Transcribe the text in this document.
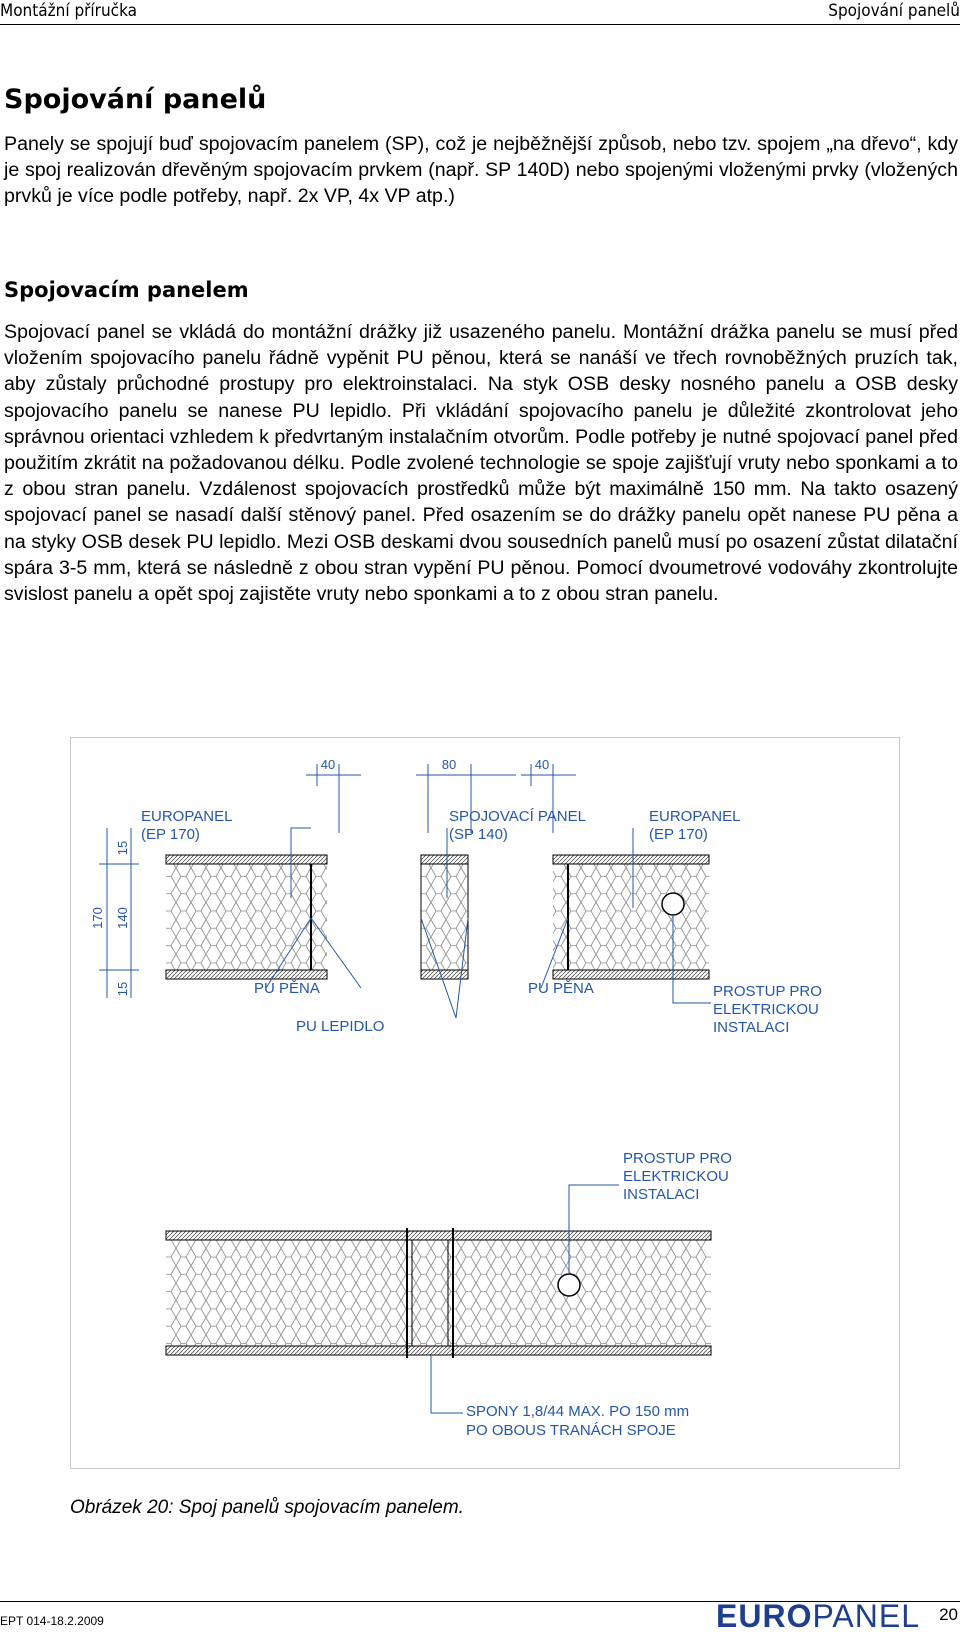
Montážní příručka	Spojování panelů
Spojování panelů

Panely se spojují buď spojovacím panelem (SP), což je nejběžnější způsob, nebo tzv. spojem „na dřevo“, kdy je spoj realizován dřevěným spojovacím prvkem (např. SP 140D) nebo spojenými vloženými prvky (vložených prvků je více podle potřeby, např. 2x VP, 4x VP atp.)

Spojovacím panelem

Spojovací panel se vkládá do montážní drážky již usazeného panelu. Montážní drážka panelu se musí před vložením spojovacího panelu řádně vypěnit PU pěnou, která se nanáší ve třech rovnoběžných pruzích tak, aby zůstaly průchodné prostupy pro elektroinstalaci. Na styk OSB desky nosného panelu a OSB desky spojovacího panelu se nanese PU lepidlo. Při vkládání spojovacího panelu je důležité zkontrolovat jeho správnou orientaci vzhledem k předvrtaným instalačním otvorům. Podle potřeby je nutné spojovací panel před použitím zkrátit na požadovanou délku. Podle zvolené technologie se spoje zajišťují vruty nebo sponkami a to z obou stran panelu. Vzdálenost spojovacích prostředků může být maximálně 150 mm. Na takto osazený spojovací panel se nasadí další stěnový panel. Před osazením se do drážky panelu opět nanese PU pěna a na styky OSB desek PU lepidlo. Mezi OSB deskami dvou sousedních panelů musí po osazení zůstat dilatační spára 3-5 mm, která se následně z obou stran vypění PU pěnou. Pomocí dvoumetrové vodováhy zkontrolujte svislost panelu a opět spoj zajistěte vruty nebo sponkami a to z obou stran panelu.

40	80	40
15
140
15
170
EUROPANEL
(EP 170)
SPOJOVACÍ PANEL
(SP 140)
EUROPANEL
(EP 170)
PU PĚNA	PU PĚNA
PU LEPIDLO
PROSTUP PRO
ELEKTRICKOU
INSTALACI
PROSTUP PRO
ELEKTRICKOU
INSTALACI
SPONY 1,8/44 MAX. PO 150 mm
PO OBOUS TRANÁCH SPOJE
Obrázek 20: Spoj panelů spojovacím panelem.
EPT 014-18.2.2009	EUROPANEL 20
